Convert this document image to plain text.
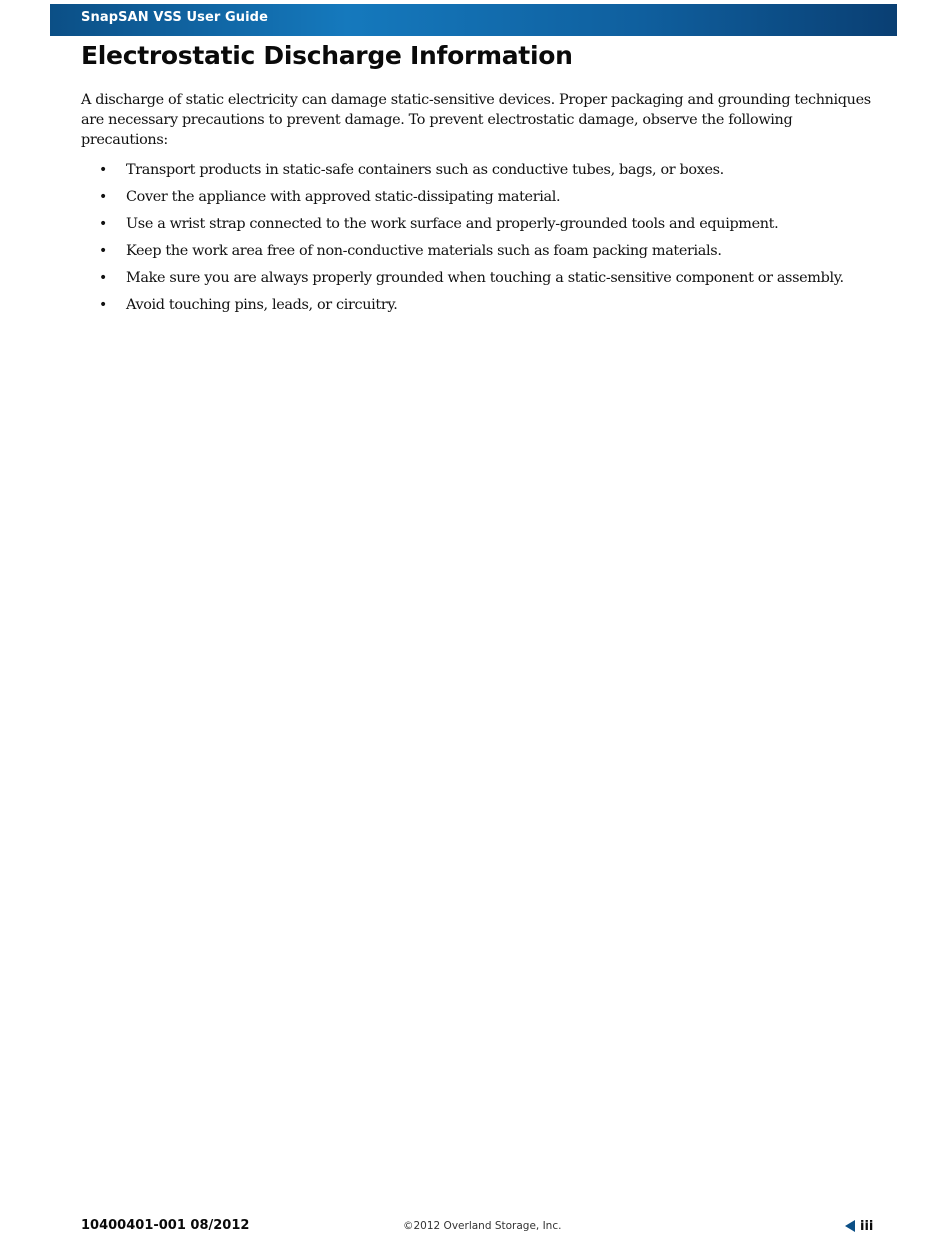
SnapSAN VSS User Guide
Electrostatic Discharge Information

A discharge of static electricity can damage static-sensitive devices. Proper packaging and grounding techniques are necessary precautions to prevent damage. To prevent electrostatic damage, observe the following precautions:

• Transport products in static-safe containers such as conductive tubes, bags, or boxes.
• Cover the appliance with approved static-dissipating material.
• Use a wrist strap connected to the work surface and properly-grounded tools and equipment.
• Keep the work area free of non-conductive materials such as foam packing materials.
• Make sure you are always properly grounded when touching a static-sensitive component or assembly.
• Avoid touching pins, leads, or circuitry.
10400401-001 08/2012	©2012 Overland Storage, Inc.	iii
